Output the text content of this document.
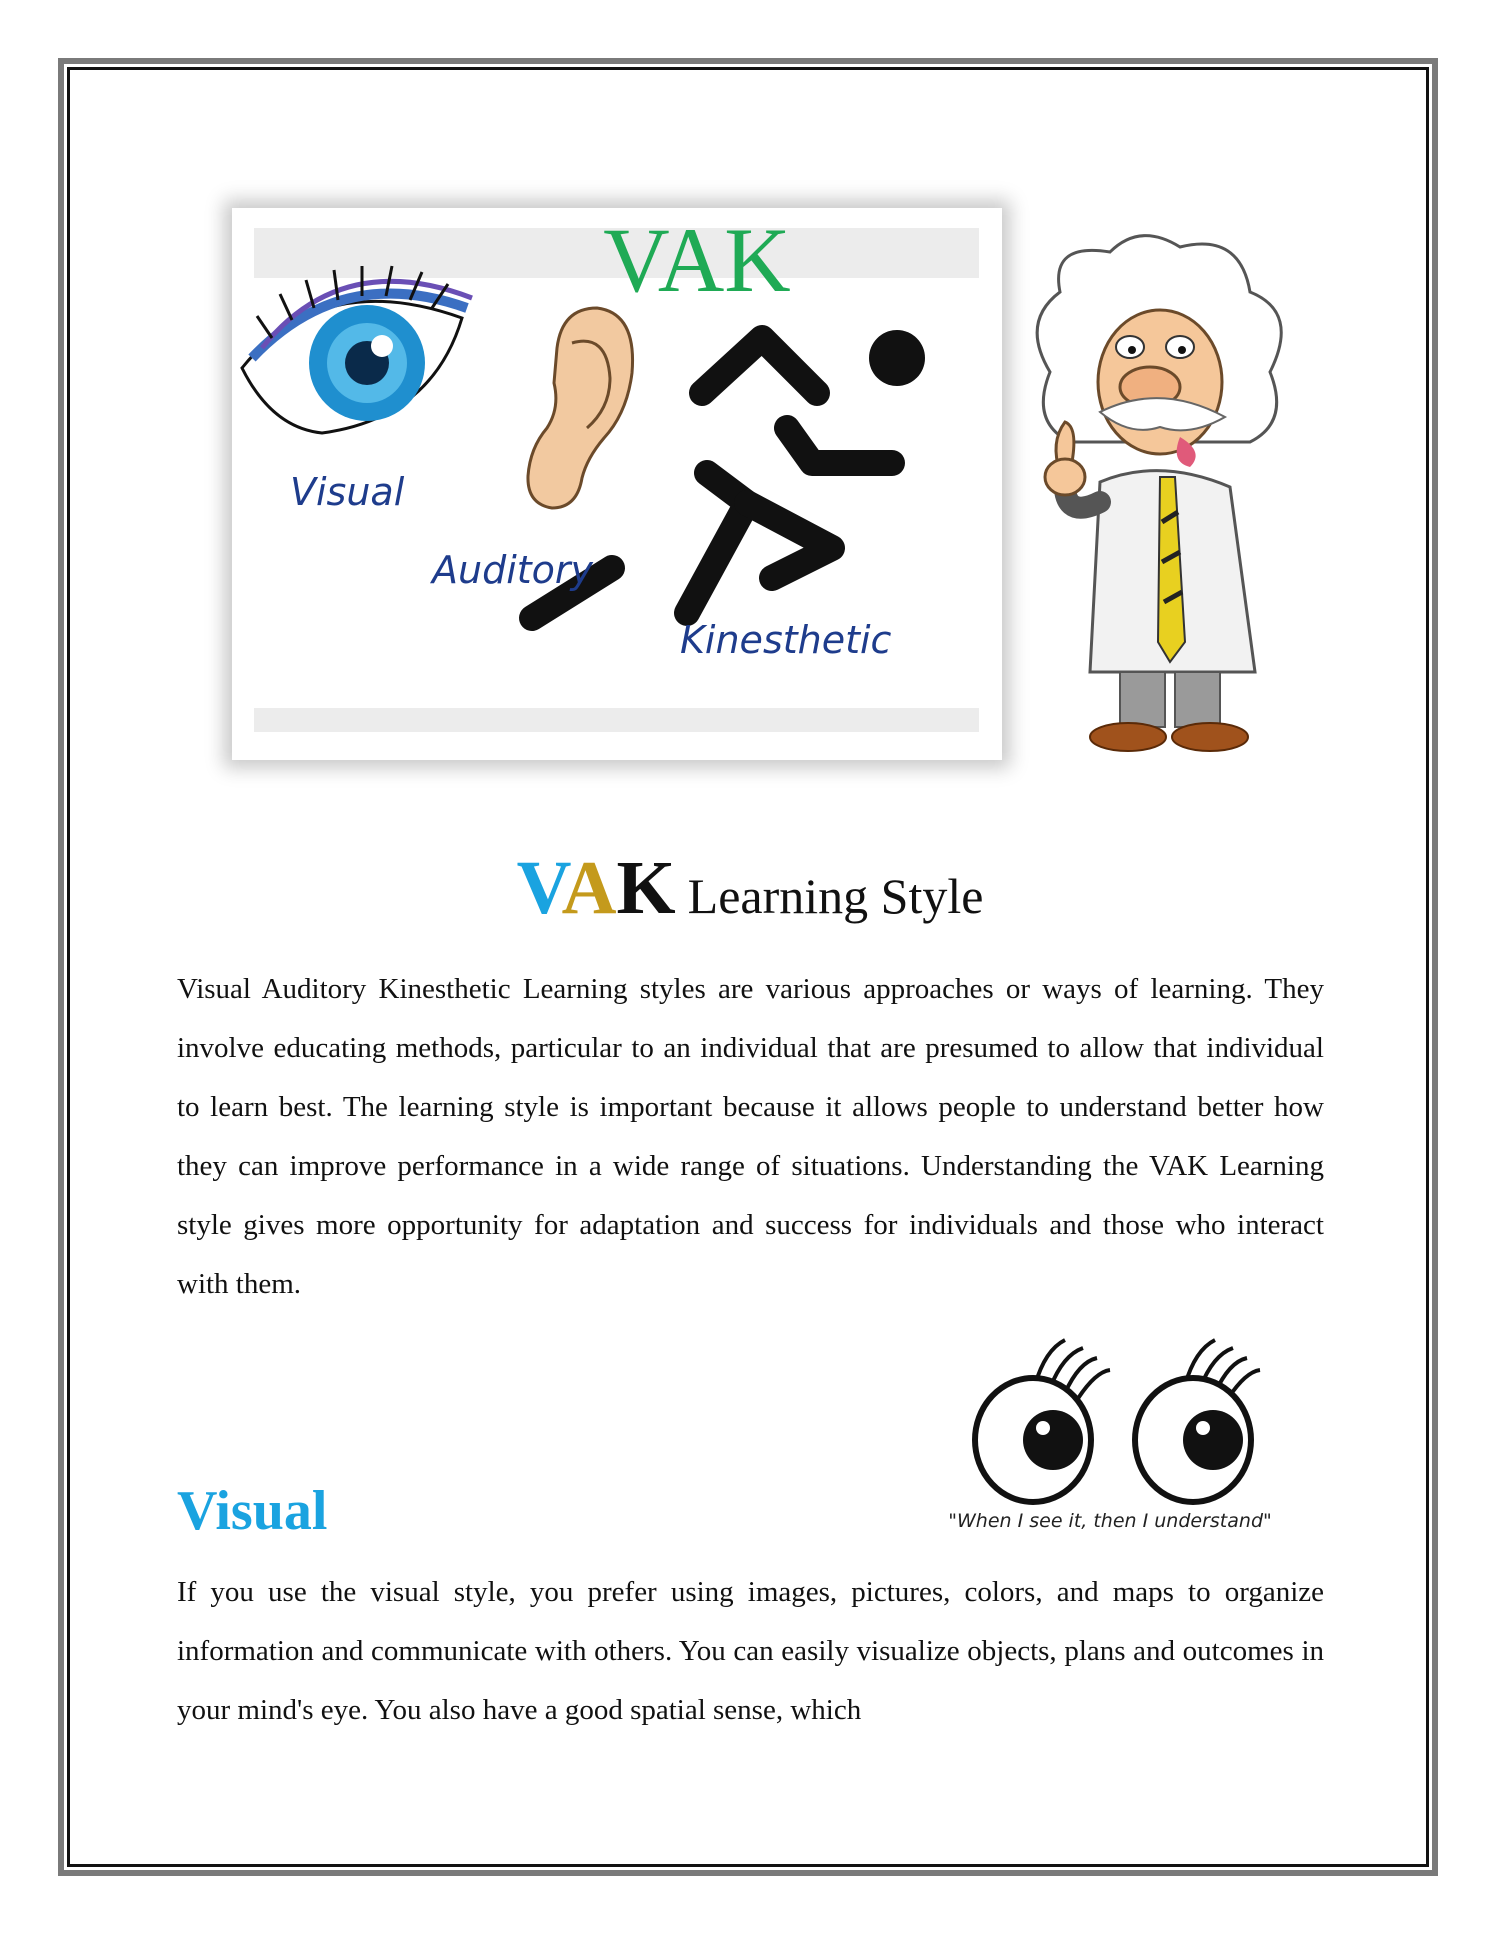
VAK
Visual
Auditory
Kinesthetic
VAK Learning Style

Visual Auditory Kinesthetic Learning styles are various approaches or ways of learning. They involve educating methods, particular to an individual that are presumed to allow that individual to learn best. The learning style is important because it allows people to understand better how they can improve performance in a wide range of situations. Understanding the VAK Learning style gives more opportunity for adaptation and success for individuals and those who interact with them.

"When I see it, then I understand"
Visual

If you use the visual style, you prefer using images, pictures, colors, and maps to organize information and communicate with others. You can easily visualize objects, plans and outcomes in your mind's eye. You also have a good spatial sense, which
